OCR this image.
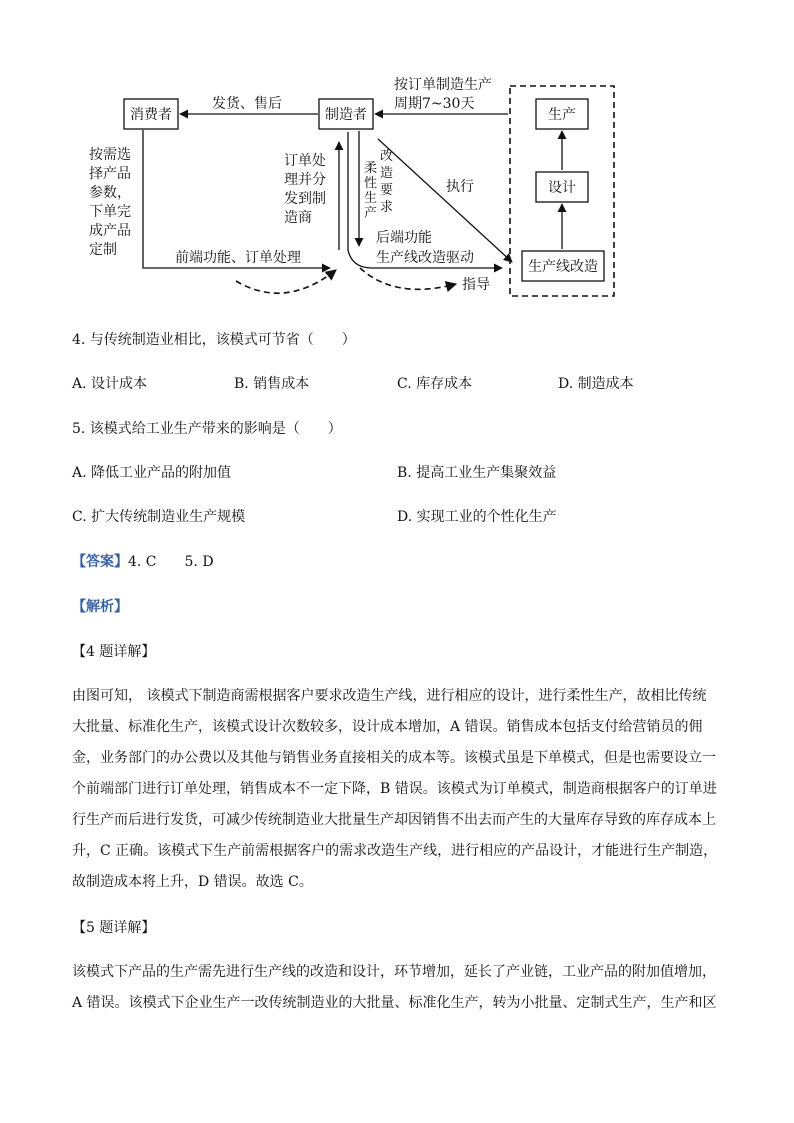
消费者	制造者	生产
设计
生产线改造
发货、售后
按订单制造生产
周期7~30天
按需选 择产品 参数， 下单完 成产品 定制
订单处 理并分 发到制 造商
柔 性 生 产
改 造 要 求
执行
前端功能、订单处理
后端功能
生产线改造驱动
指导
4. 与传统制造业相比，该模式可节省（　　）
A. 设计成本	B. 销售成本	C. 库存成本	D. 制造成本
5. 该模式给工业生产带来的影响是（　　）
A. 降低工业产品的附加值	B. 提高工业生产集聚效益
C. 扩大传统制造业生产规模	D. 实现工业的个性化生产
【答案】4. C　　5. D
【解析】
【4 题详解】
由图可知， 该模式下制造商需根据客户要求改造生产线，进行相应的设计，进行柔性生产，故相比传统
大批量、标准化生产，该模式设计次数较多，设计成本增加，A 错误。销售成本包括支付给营销员的佣
金，业务部门的办公费以及其他与销售业务直接相关的成本等。该模式虽是下单模式，但是也需要设立一
个前端部门进行订单处理，销售成本不一定下降，B 错误。该模式为订单模式，制造商根据客户的订单进
行生产而后进行发货，可减少传统制造业大批量生产却因销售不出去而产生的大量库存导致的库存成本上
升，C 正确。该模式下生产前需根据客户的需求改造生产线，进行相应的产品设计，才能进行生产制造，
故制造成本将上升，D 错误。故选 C。
【5 题详解】
该模式下产品的生产需先进行生产线的改造和设计，环节增加，延长了产业链，工业产品的附加值增加，
A 错误。该模式下企业生产一改传统制造业的大批量、标准化生产，转为小批量、定制式生产，生产和区
